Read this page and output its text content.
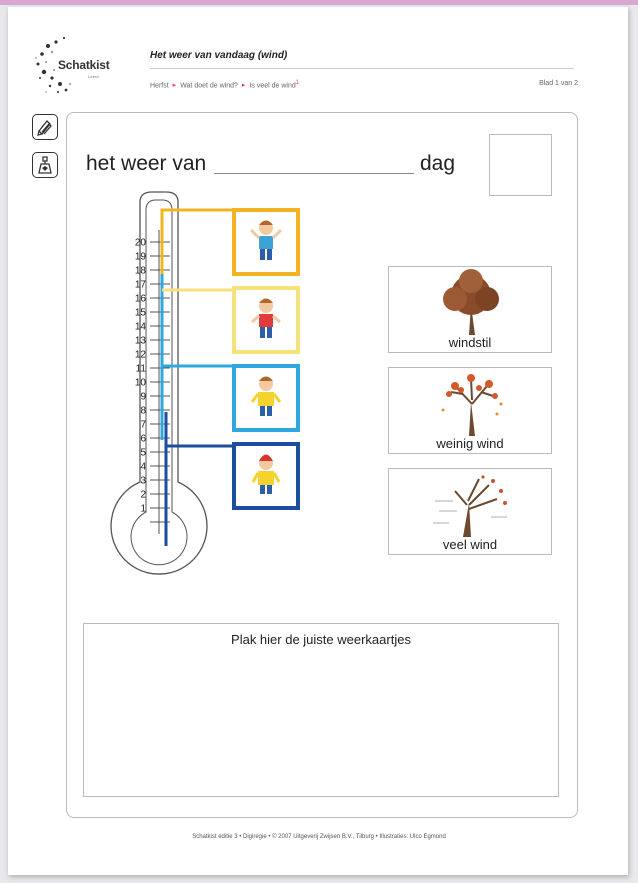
Schatkist
Lezen
Het weer van vandaag (wind)
Herfst ▸ Wat doet de wind? ▸ Is veel de wind1	Blad 1 van 2
het weer van	dag
20
19
18
17
16
15
14
13
12
11
10
9
8
7
6
5
4
3
2
1
windstil
weinig wind
veel wind
Plak hier de juiste weerkaartjes
Schatkist editie 3 • Digiregie • © 2007 Uitgeverij Zwijsen B.V., Tilburg • Illustraties: Ulco Egmond
